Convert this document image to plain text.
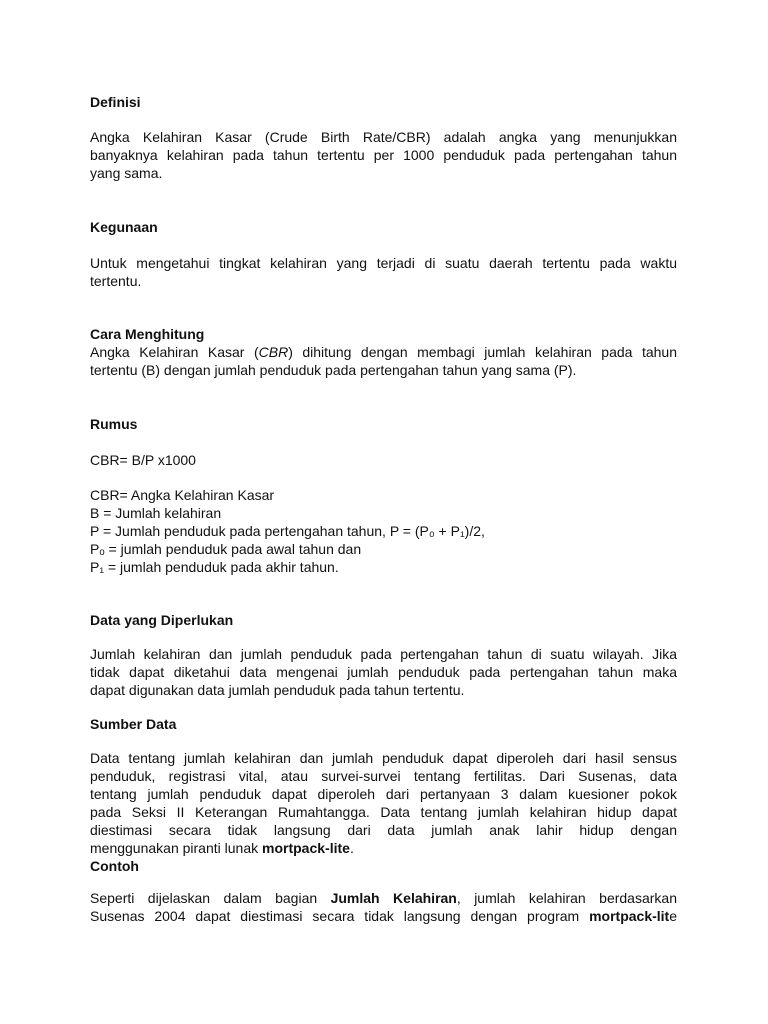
Definisi
Angka Kelahiran Kasar (Crude Birth Rate/CBR) adalah angka yang menunjukkan
banyaknya kelahiran pada tahun tertentu per 1000 penduduk pada pertengahan tahun
yang sama.
Kegunaan
Untuk mengetahui tingkat kelahiran yang terjadi di suatu daerah tertentu pada waktu
tertentu.
Cara Menghitung
Angka Kelahiran Kasar (CBR) dihitung dengan membagi jumlah kelahiran pada tahun
tertentu (B) dengan jumlah penduduk pada pertengahan tahun yang sama (P).
Rumus
CBR= B/P x1000
CBR= Angka Kelahiran Kasar
B = Jumlah kelahiran
P = Jumlah penduduk pada pertengahan tahun, P = (P₀ + P₁)/2,
Pₒ = jumlah penduduk pada awal tahun dan
P₁ = jumlah penduduk pada akhir tahun.
Data yang Diperlukan
Jumlah kelahiran dan jumlah penduduk pada pertengahan tahun di suatu wilayah. Jika
tidak dapat diketahui data mengenai jumlah penduduk pada pertengahan tahun maka
dapat digunakan data jumlah penduduk pada tahun tertentu.
Sumber Data
Data tentang jumlah kelahiran dan jumlah penduduk dapat diperoleh dari hasil sensus
penduduk, registrasi vital, atau survei-survei tentang fertilitas. Dari Susenas, data
tentang jumlah penduduk dapat diperoleh dari pertanyaan 3 dalam kuesioner pokok
pada Seksi II Keterangan Rumahtangga. Data tentang jumlah kelahiran hidup dapat
diestimasi secara tidak langsung dari data jumlah anak lahir hidup dengan
menggunakan piranti lunak mortpack-lite.
Contoh
Seperti dijelaskan dalam bagian Jumlah Kelahiran, jumlah kelahiran berdasarkan
Susenas 2004 dapat diestimasi secara tidak langsung dengan program mortpack-lite
